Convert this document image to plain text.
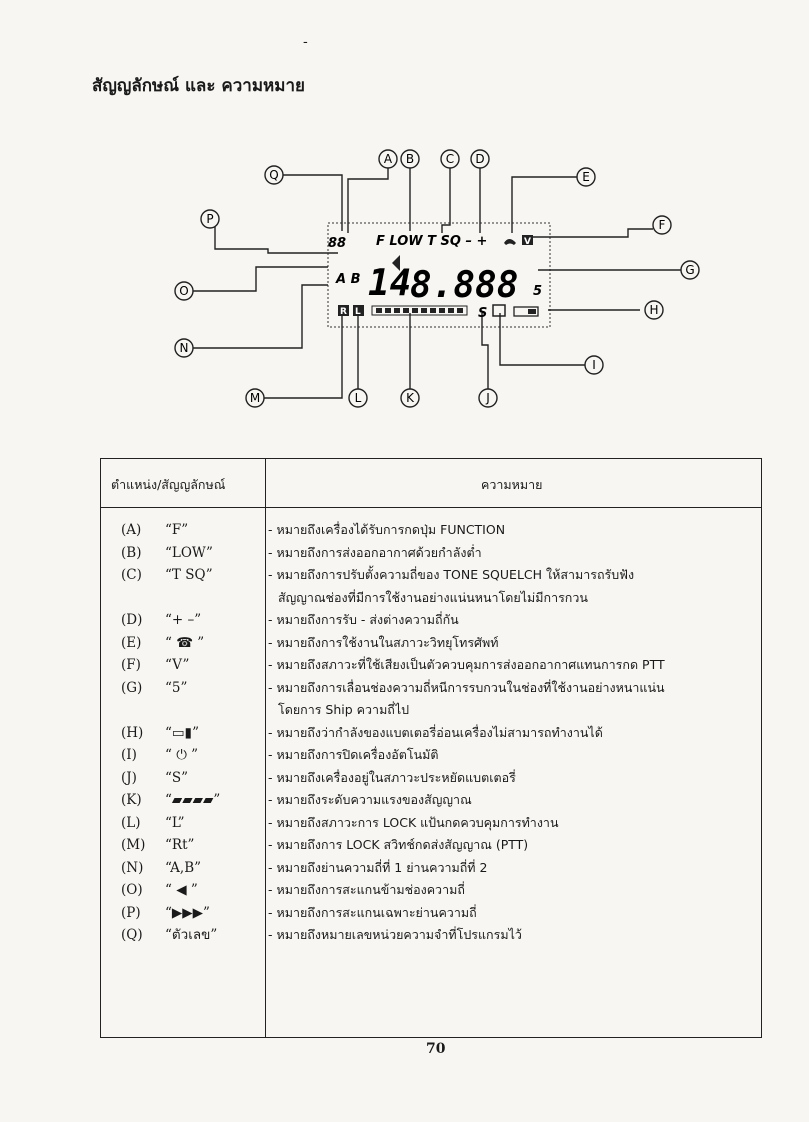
-
สัญญลักษณ์ และ ความหมาย
88 F LOW T SQ – +	V
A B 14
8.888 5
R L	S
A B	C D
E
F
G
H
I
J
K
L
M
N
O
P
Q
ตำแหน่ง/สัญญลักษณ์	ความหมาย
(A) “F”	- หมายถึงเครื่องได้รับการกดปุ่ม FUNCTION
(B) “LOW”	- หมายถึงการส่งออกอากาศด้วยกำลังต่ำ
(C) “T SQ”	- หมายถึงการปรับตั้งความถี่ของ TONE SQUELCH ให้สามารถรับฟัง
สัญญาณช่องที่มีการใช้งานอย่างแน่นหนาโดยไม่มีการกวน
(D) “+ –”	- หมายถึงการรับ - ส่งต่างความถี่กัน
(E) “ ☎ ”	- หมายถึงการใช้งานในสภาวะวิทยุโทรศัพท์
(F) “V”	- หมายถึงสภาวะที่ใช้เสียงเป็นตัวควบคุมการส่งออกอากาศแทนการกด PTT
(G) “5”	- หมายถึงการเลื่อนช่องความถี่หนีการรบกวนในช่องที่ใช้งานอย่างหนาแน่น
โดยการ Ship ความถี่ไป
(H) “▭▮”	- หมายถึงว่ากำลังของแบตเตอรี่อ่อนเครื่องไม่สามารถทำงานได้
(I) “ ⏻ ”	- หมายถึงการปิดเครื่องอัตโนมัติ
(J) “S”	- หมายถึงเครื่องอยู่ในสภาวะประหยัดแบตเตอรี่
(K) “▰▰▰▰”	- หมายถึงระดับความแรงของสัญญาณ
(L) “L”	- หมายถึงสภาวะการ LOCK แป้นกดควบคุมการทำงาน
(M) “Rt”	- หมายถึงการ LOCK สวิทช์กดส่งสัญญาณ (PTT)
(N) “A,B”	- หมายถึงย่านความถี่ที่ 1 ย่านความถี่ที่ 2
(O) “ ◀ ”	- หมายถึงการสะแกนข้ามช่องความถี่
(P) “▶▶▶”	- หมายถึงการสะแกนเฉพาะย่านความถี่
(Q) “ตัวเลข”	- หมายถึงหมายเลขหน่วยความจำที่โปรแกรมไว้
70
